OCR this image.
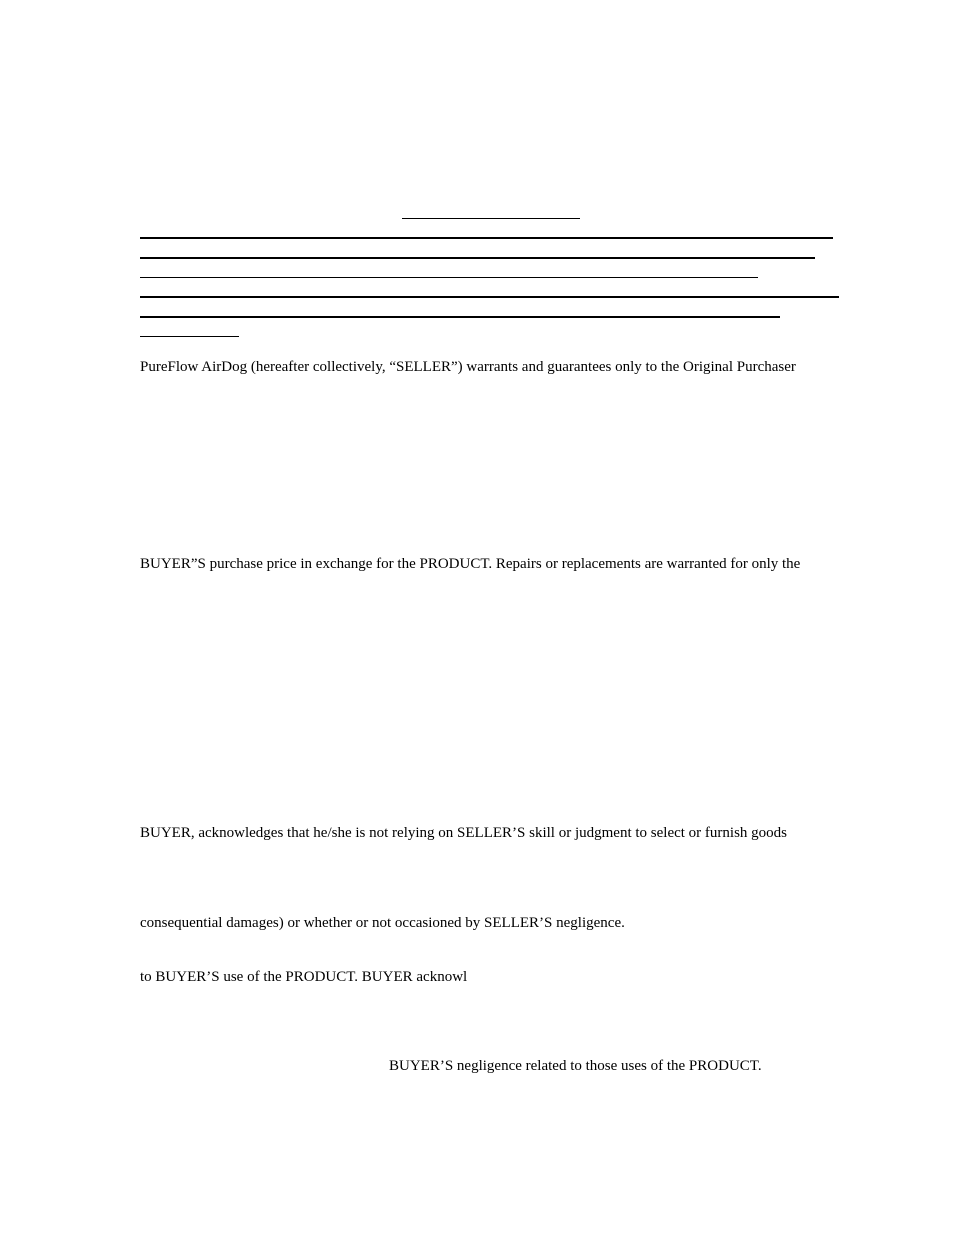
PureFlow AirDog (hereafter collectively, “SELLER”) warrants and guarantees only to the Original Purchaser
BUYER”S purchase price in exchange for the PRODUCT. Repairs or replacements are warranted for only the
BUYER, acknowledges that he/she is not relying on SELLER’S skill or judgment to select or furnish goods
consequential damages) or whether or not occasioned by SELLER’S negligence.
to BUYER’S use of the PRODUCT. BUYER acknowl
BUYER’S negligence related to those uses of the PRODUCT.
